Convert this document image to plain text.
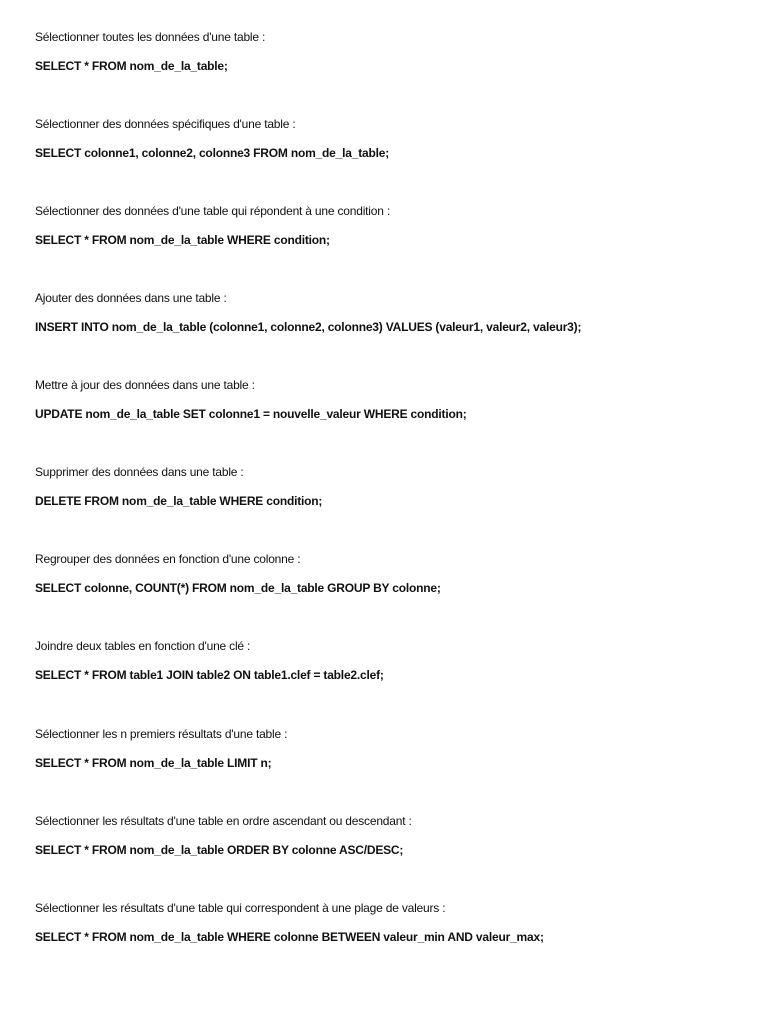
Sélectionner toutes les données d'une table :
SELECT * FROM nom_de_la_table;
Sélectionner des données spécifiques d'une table :
SELECT colonne1, colonne2, colonne3 FROM nom_de_la_table;
Sélectionner des données d'une table qui répondent à une condition :
SELECT * FROM nom_de_la_table WHERE condition;
Ajouter des données dans une table :
INSERT INTO nom_de_la_table (colonne1, colonne2, colonne3) VALUES (valeur1, valeur2, valeur3);
Mettre à jour des données dans une table :
UPDATE nom_de_la_table SET colonne1 = nouvelle_valeur WHERE condition;
Supprimer des données dans une table :
DELETE FROM nom_de_la_table WHERE condition;
Regrouper des données en fonction d'une colonne :
SELECT colonne, COUNT(*) FROM nom_de_la_table GROUP BY colonne;
Joindre deux tables en fonction d'une clé :
SELECT * FROM table1 JOIN table2 ON table1.clef = table2.clef;
Sélectionner les n premiers résultats d'une table :
SELECT * FROM nom_de_la_table LIMIT n;
Sélectionner les résultats d'une table en ordre ascendant ou descendant :
SELECT * FROM nom_de_la_table ORDER BY colonne ASC/DESC;
Sélectionner les résultats d'une table qui correspondent à une plage de valeurs :
SELECT * FROM nom_de_la_table WHERE colonne BETWEEN valeur_min AND valeur_max;
